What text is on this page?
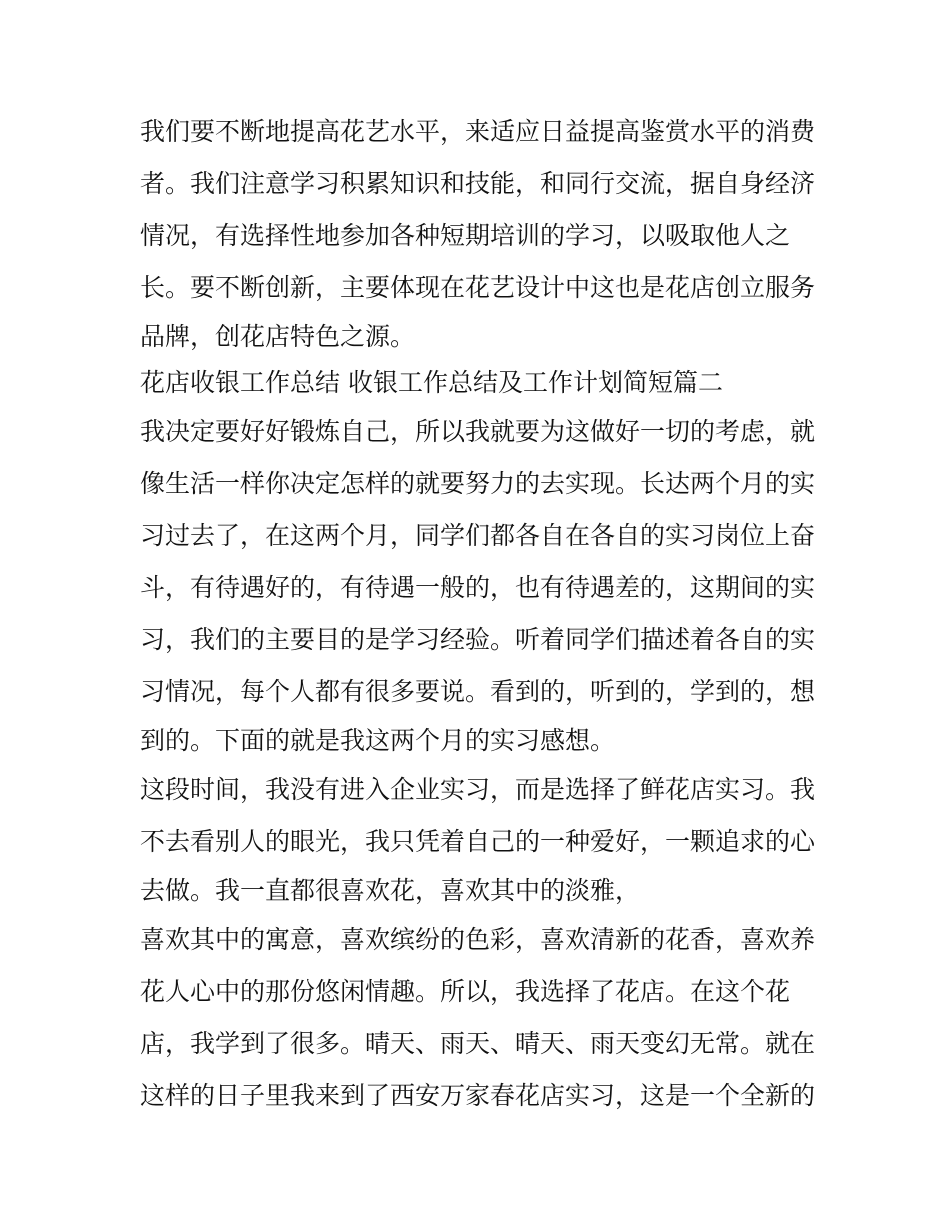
我们要不断地提高花艺水平，来适应日益提高鉴赏水平的消费
者。我们注意学习积累知识和技能，和同行交流，据自身经济
情况，有选择性地参加各种短期培训的学习，以吸取他人之
长。要不断创新，主要体现在花艺设计中这也是花店创立服务
品牌，创花店特色之源。
花店收银工作总结 收银工作总结及工作计划简短篇二
我决定要好好锻炼自己，所以我就要为这做好一切的考虑，就
像生活一样你决定怎样的就要努力的去实现。长达两个月的实
习过去了，在这两个月，同学们都各自在各自的实习岗位上奋
斗，有待遇好的，有待遇一般的，也有待遇差的，这期间的实
习，我们的主要目的是学习经验。听着同学们描述着各自的实
习情况，每个人都有很多要说。看到的，听到的，学到的，想
到的。下面的就是我这两个月的实习感想。
这段时间，我没有进入企业实习，而是选择了鲜花店实习。我
不去看别人的眼光，我只凭着自己的一种爱好，一颗追求的心
去做。我一直都很喜欢花，喜欢其中的淡雅，
喜欢其中的寓意，喜欢缤纷的色彩，喜欢清新的花香，喜欢养
花人心中的那份悠闲情趣。所以，我选择了花店。在这个花
店，我学到了很多。晴天、雨天、晴天、雨天变幻无常。就在
这样的日子里我来到了西安万家春花店实习，这是一个全新的
